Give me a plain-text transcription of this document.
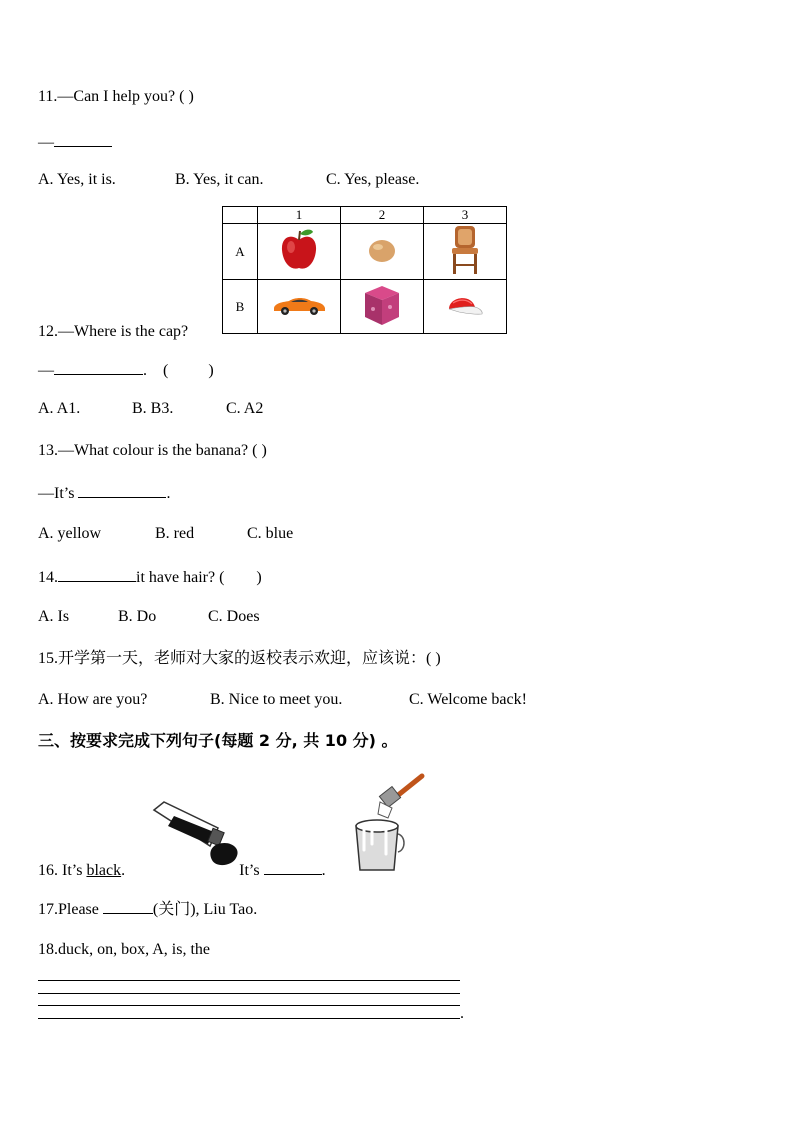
11.—Can I help you? ( )
—
A. Yes, it is.	B. Yes, it can.	C. Yes, please.
	1	2	3
A			
B			
12.—Where is the cap?
—	.    (          )
A. A1.	B. B3.	C. A2
13.—What colour is the banana? ( )
—It’s	.
A. yellow	B. red	C. blue
14.	it have hair? (        )
A. Is	B. Do	C. Does
15.开学第一天，老师对大家的返校表示欢迎，应该说：( )
A. How are you?	B. Nice to meet you.	C. Welcome back!
三、按要求完成下列句子(每题 2 分, 共 10 分) 。
16. It’s black.	It’s	.
17.Please	(关门), Liu Tao.
18.duck, on, box, A, is, the
.
